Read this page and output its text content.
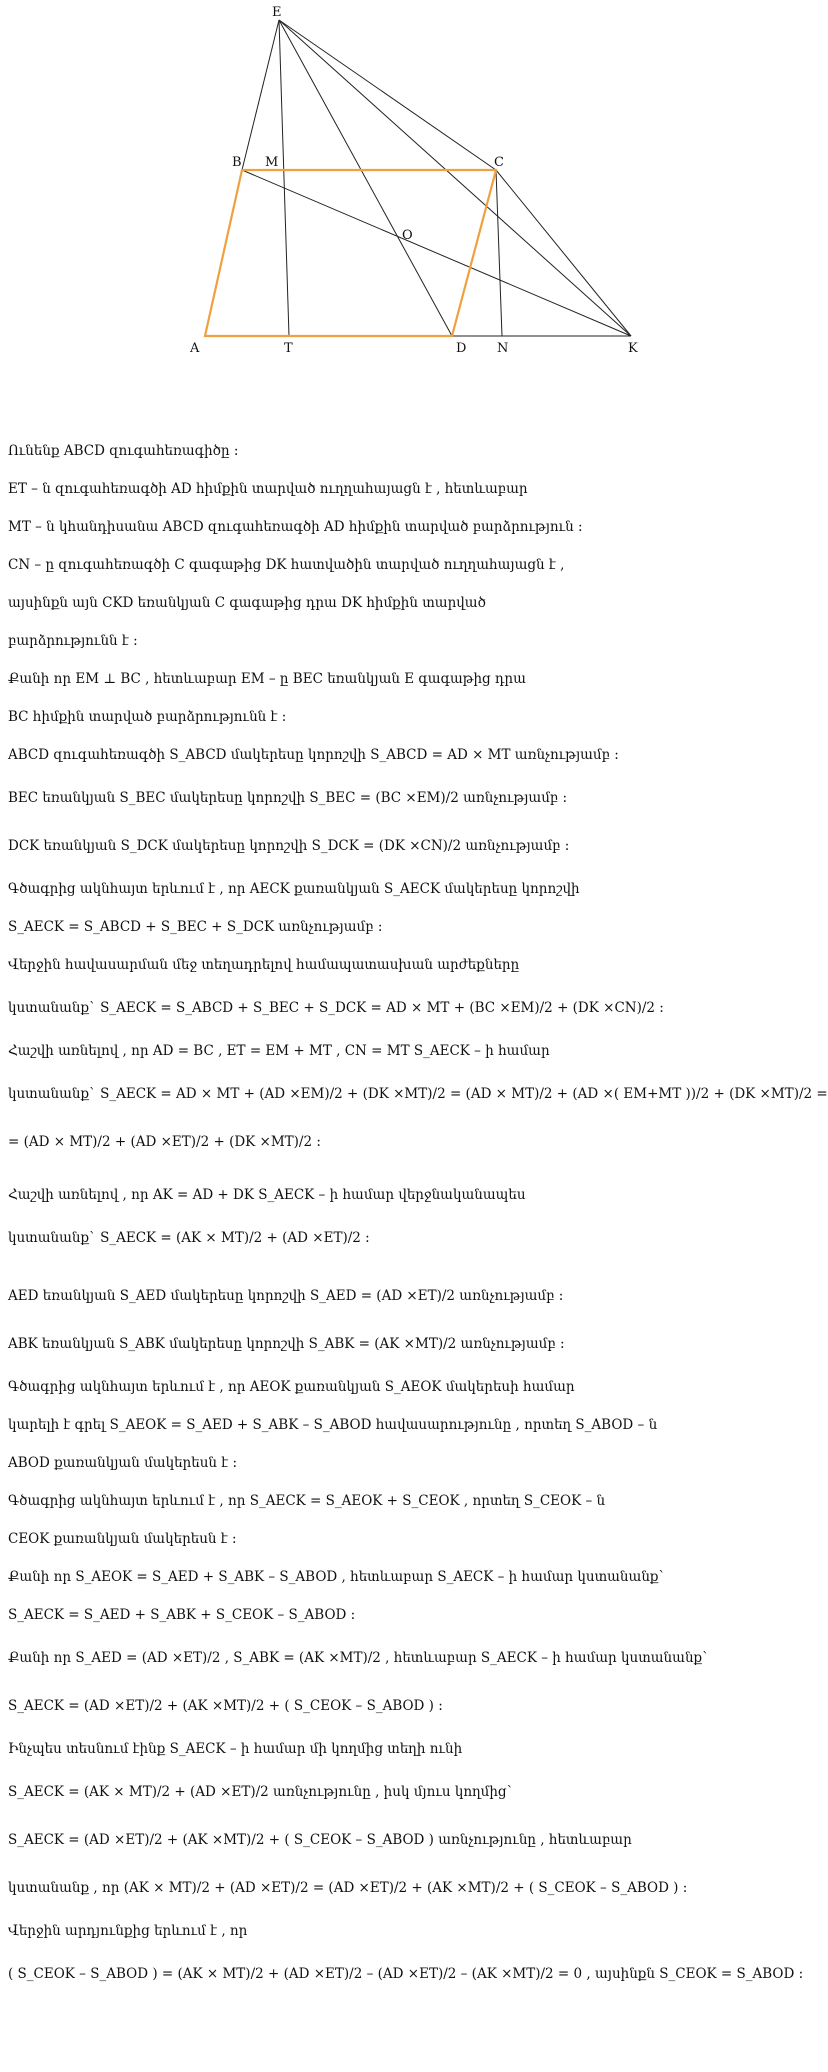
E
B M	C
O
A	T	D N	K
Ունենք ABCD զուգահեռագիծը :
ET – ն զուգահեռագծի AD հիմքին տարված ուղղահայացն է , հետևաբար
MT – ն կհանդիսանա ABCD զուգահեռագծի AD հիմքին տարված բարձրություն :
CN – ը զուգահեռագծի C գագաթից DK հատվածին տարված ուղղահայացն է ,
այսինքն այն CKD եռանկյան C գագաթից դրա DK հիմքին տարված
բարձրությունն է :
Քանի որ EM ⊥ BC , հետևաբար EM – ը BEC եռանկյան E գագաթից դրա
BC հիմքին տարված բարձրությունն է :
ABCD զուգահեռագծի S_ABCD մակերեսը կորոշվի S_ABCD = AD × MT առնչությամբ :
BEC եռանկյան S_BEC մակերեսը կորոշվի S_BEC = (BC ×EM)/2 առնչությամբ :
DCK եռանկյան S_DCK մակերեսը կորոշվի S_DCK = (DK ×CN)/2 առնչությամբ :
Գծագրից ակնհայտ երևում է , որ AECK քառանկյան S_AECK մակերեսը կորոշվի
S_AECK = S_ABCD + S_BEC + S_DCK առնչությամբ :
Վերջին հավասարման մեջ տեղադրելով համապատասխան արժեքները
կստանանք` S_AECK = S_ABCD + S_BEC + S_DCK = AD × MT + (BC ×EM)/2 + (DK ×CN)/2 :
Հաշվի առնելով , որ AD = BC , ET = EM + MT , CN = MT S_AECK – ի համար
կստանանք` S_AECK = AD × MT + (AD ×EM)/2 + (DK ×MT)/2 = (AD × MT)/2 + (AD ×( EM+MT ))/2 + (DK ×MT)/2 =
= (AD × MT)/2 + (AD ×ET)/2 + (DK ×MT)/2 :
Հաշվի առնելով , որ AK = AD + DK S_AECK – ի համար վերջնականապես
կստանանք` S_AECK = (AK × MT)/2 + (AD ×ET)/2 :
AED եռանկյան S_AED մակերեսը կորոշվի S_AED = (AD ×ET)/2 առնչությամբ :
ABK եռանկյան S_ABK մակերեսը կորոշվի S_ABK = (AK ×MT)/2 առնչությամբ :
Գծագրից ակնհայտ երևում է , որ AEOK քառանկյան S_AEOK մակերեսի համար
կարելի է գրել S_AEOK = S_AED + S_ABK – S_ABOD հավասարությունը , որտեղ S_ABOD – ն
ABOD քառանկյան մակերեսն է :
Գծագրից ակնհայտ երևում է , որ S_AECK = S_AEOK + S_CEOK , որտեղ S_CEOK – ն
CEOK քառանկյան մակերեսն է :
Քանի որ S_AEOK = S_AED + S_ABK – S_ABOD , հետևաբար S_AECK – ի համար կստանանք`
S_AECK = S_AED + S_ABK + S_CEOK – S_ABOD :
Քանի որ S_AED = (AD ×ET)/2 , S_ABK = (AK ×MT)/2 , հետևաբար S_AECK – ի համար կստանանք`
S_AECK = (AD ×ET)/2 + (AK ×MT)/2 + ( S_CEOK – S_ABOD ) :
Ինչպես տեսնում էինք S_AECK – ի համար մի կողմից տեղի ունի
S_AECK = (AK × MT)/2 + (AD ×ET)/2 առնչությունը , իսկ մյուս կողմից`
S_AECK = (AD ×ET)/2 + (AK ×MT)/2 + ( S_CEOK – S_ABOD ) առնչությունը , հետևաբար
կստանանք , որ (AK × MT)/2 + (AD ×ET)/2 = (AD ×ET)/2 + (AK ×MT)/2 + ( S_CEOK – S_ABOD ) :
Վերջին արդյունքից երևում է , որ
( S_CEOK – S_ABOD ) = (AK × MT)/2 + (AD ×ET)/2 – (AD ×ET)/2 – (AK ×MT)/2 = 0 , այսինքն S_CEOK = S_ABOD :
